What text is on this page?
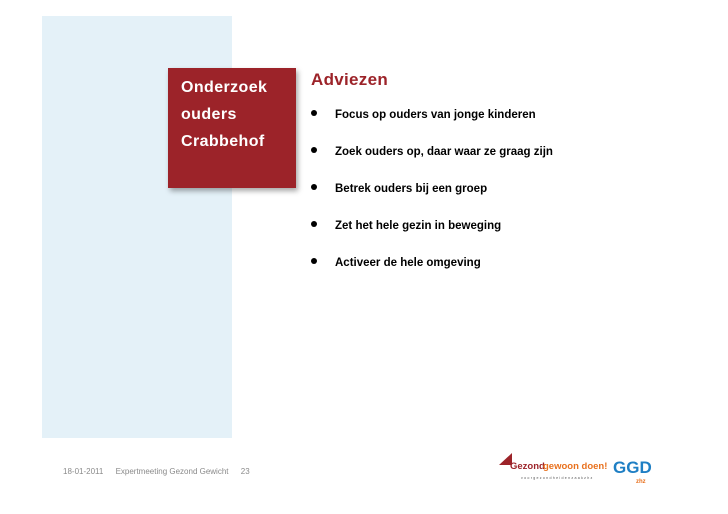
Onderzoek
ouders
Crabbehof
Adviezen
Focus op ouders van jonge kinderen
Zoek ouders op, daar waar ze graag zijn
Betrek ouders bij een groep
Zet het hele gezin in beweging
Activeer de hele omgeving
18-01-2011 Expertmeeting Gezond Gewicht 23	Gezond
gewoon doen!
voorgezondheidenzaakzhz
GGD
zhz
